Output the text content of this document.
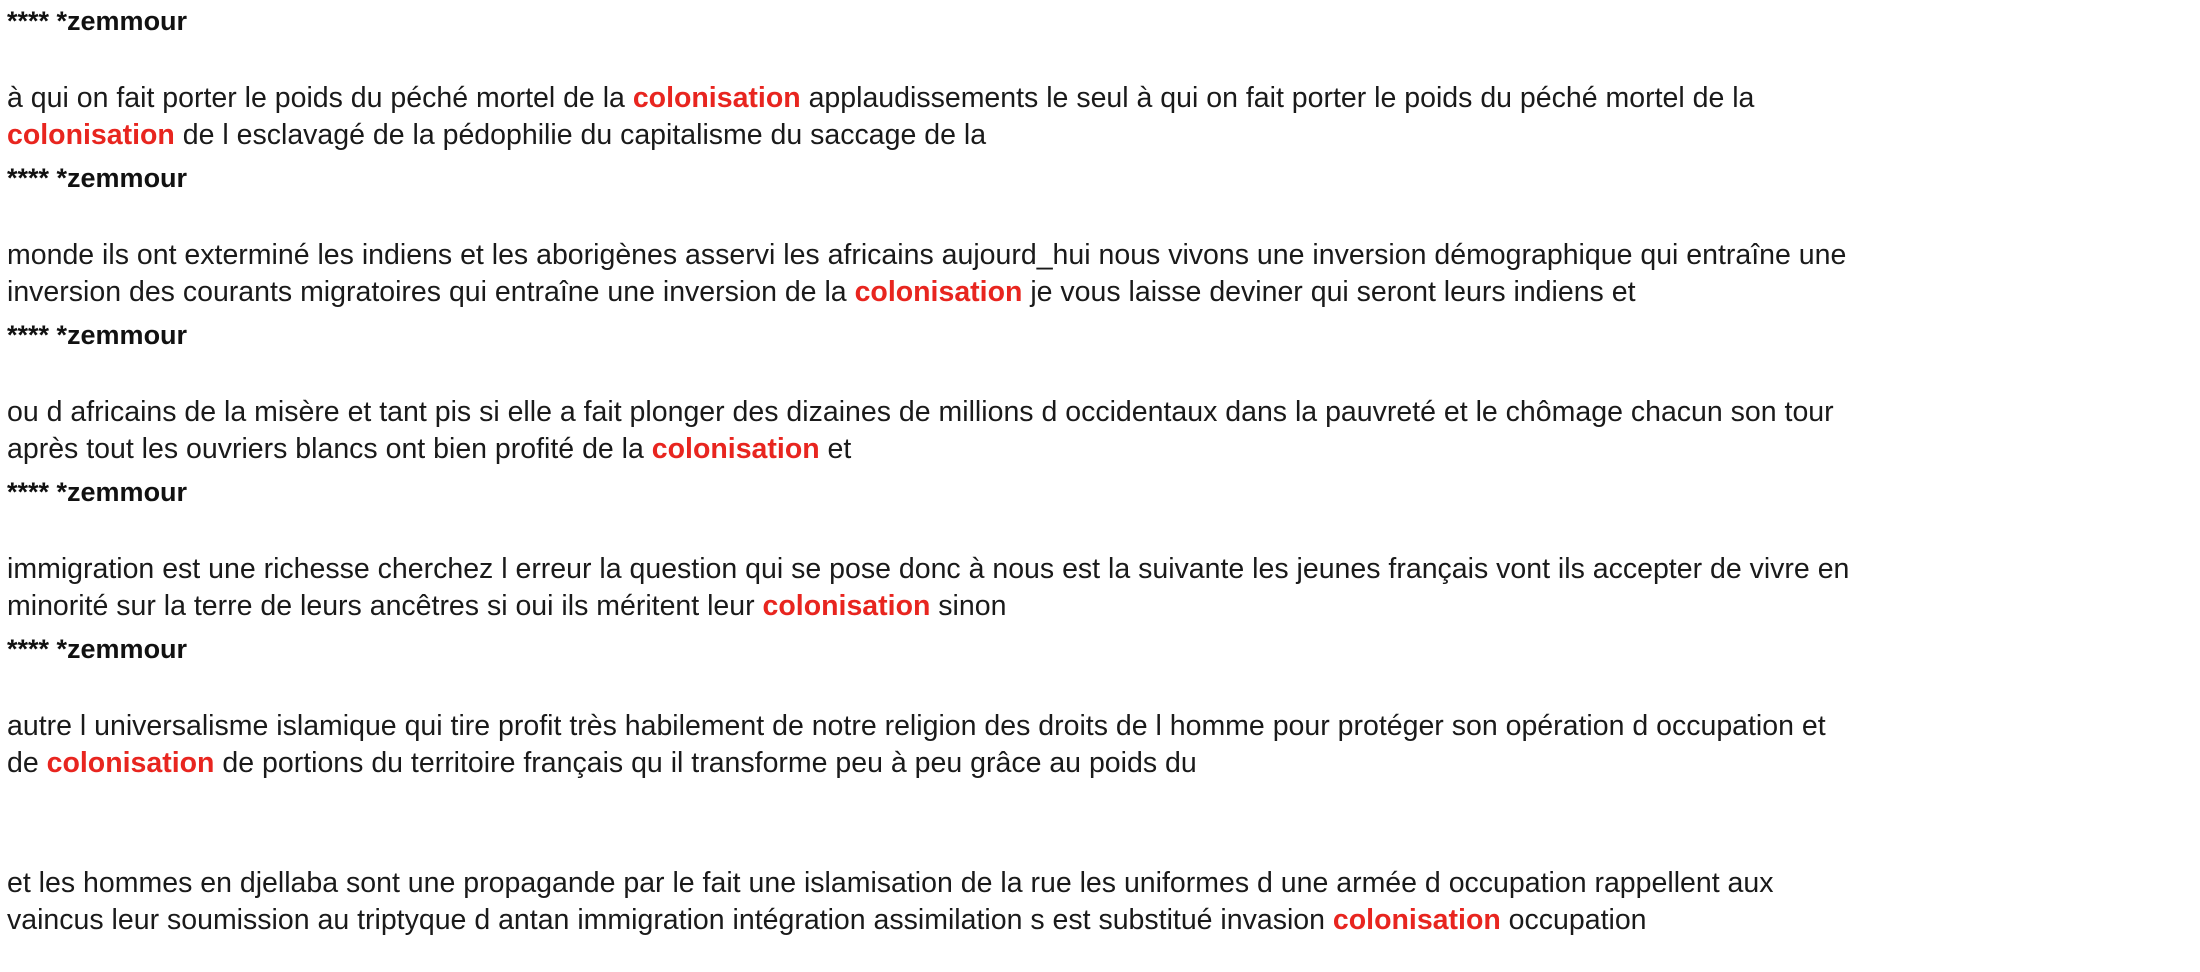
**** *zemmour
à qui on fait porter le poids du péché mortel de la colonisation applaudissements le seul à qui on fait porter le poids du péché mortel de la
colonisation de l esclavagé de la pédophilie du capitalisme du saccage de la
**** *zemmour
monde ils ont exterminé les indiens et les aborigènes asservi les africains aujourd_hui nous vivons une inversion démographique qui entraîne une
inversion des courants migratoires qui entraîne une inversion de la colonisation je vous laisse deviner qui seront leurs indiens et
**** *zemmour
ou d africains de la misère et tant pis si elle a fait plonger des dizaines de millions d occidentaux dans la pauvreté et le chômage chacun son tour
après tout les ouvriers blancs ont bien profité de la colonisation et
**** *zemmour
immigration est une richesse cherchez l erreur la question qui se pose donc à nous est la suivante les jeunes français vont ils accepter de vivre en
minorité sur la terre de leurs ancêtres si oui ils méritent leur colonisation sinon
**** *zemmour
autre l universalisme islamique qui tire profit très habilement de notre religion des droits de l homme pour protéger son opération d occupation et
de colonisation de portions du territoire français qu il transforme peu à peu grâce au poids du
et les hommes en djellaba sont une propagande par le fait une islamisation de la rue les uniformes d une armée d occupation rappellent aux
vaincus leur soumission au triptyque d antan immigration intégration assimilation s est substitué invasion colonisation occupation
